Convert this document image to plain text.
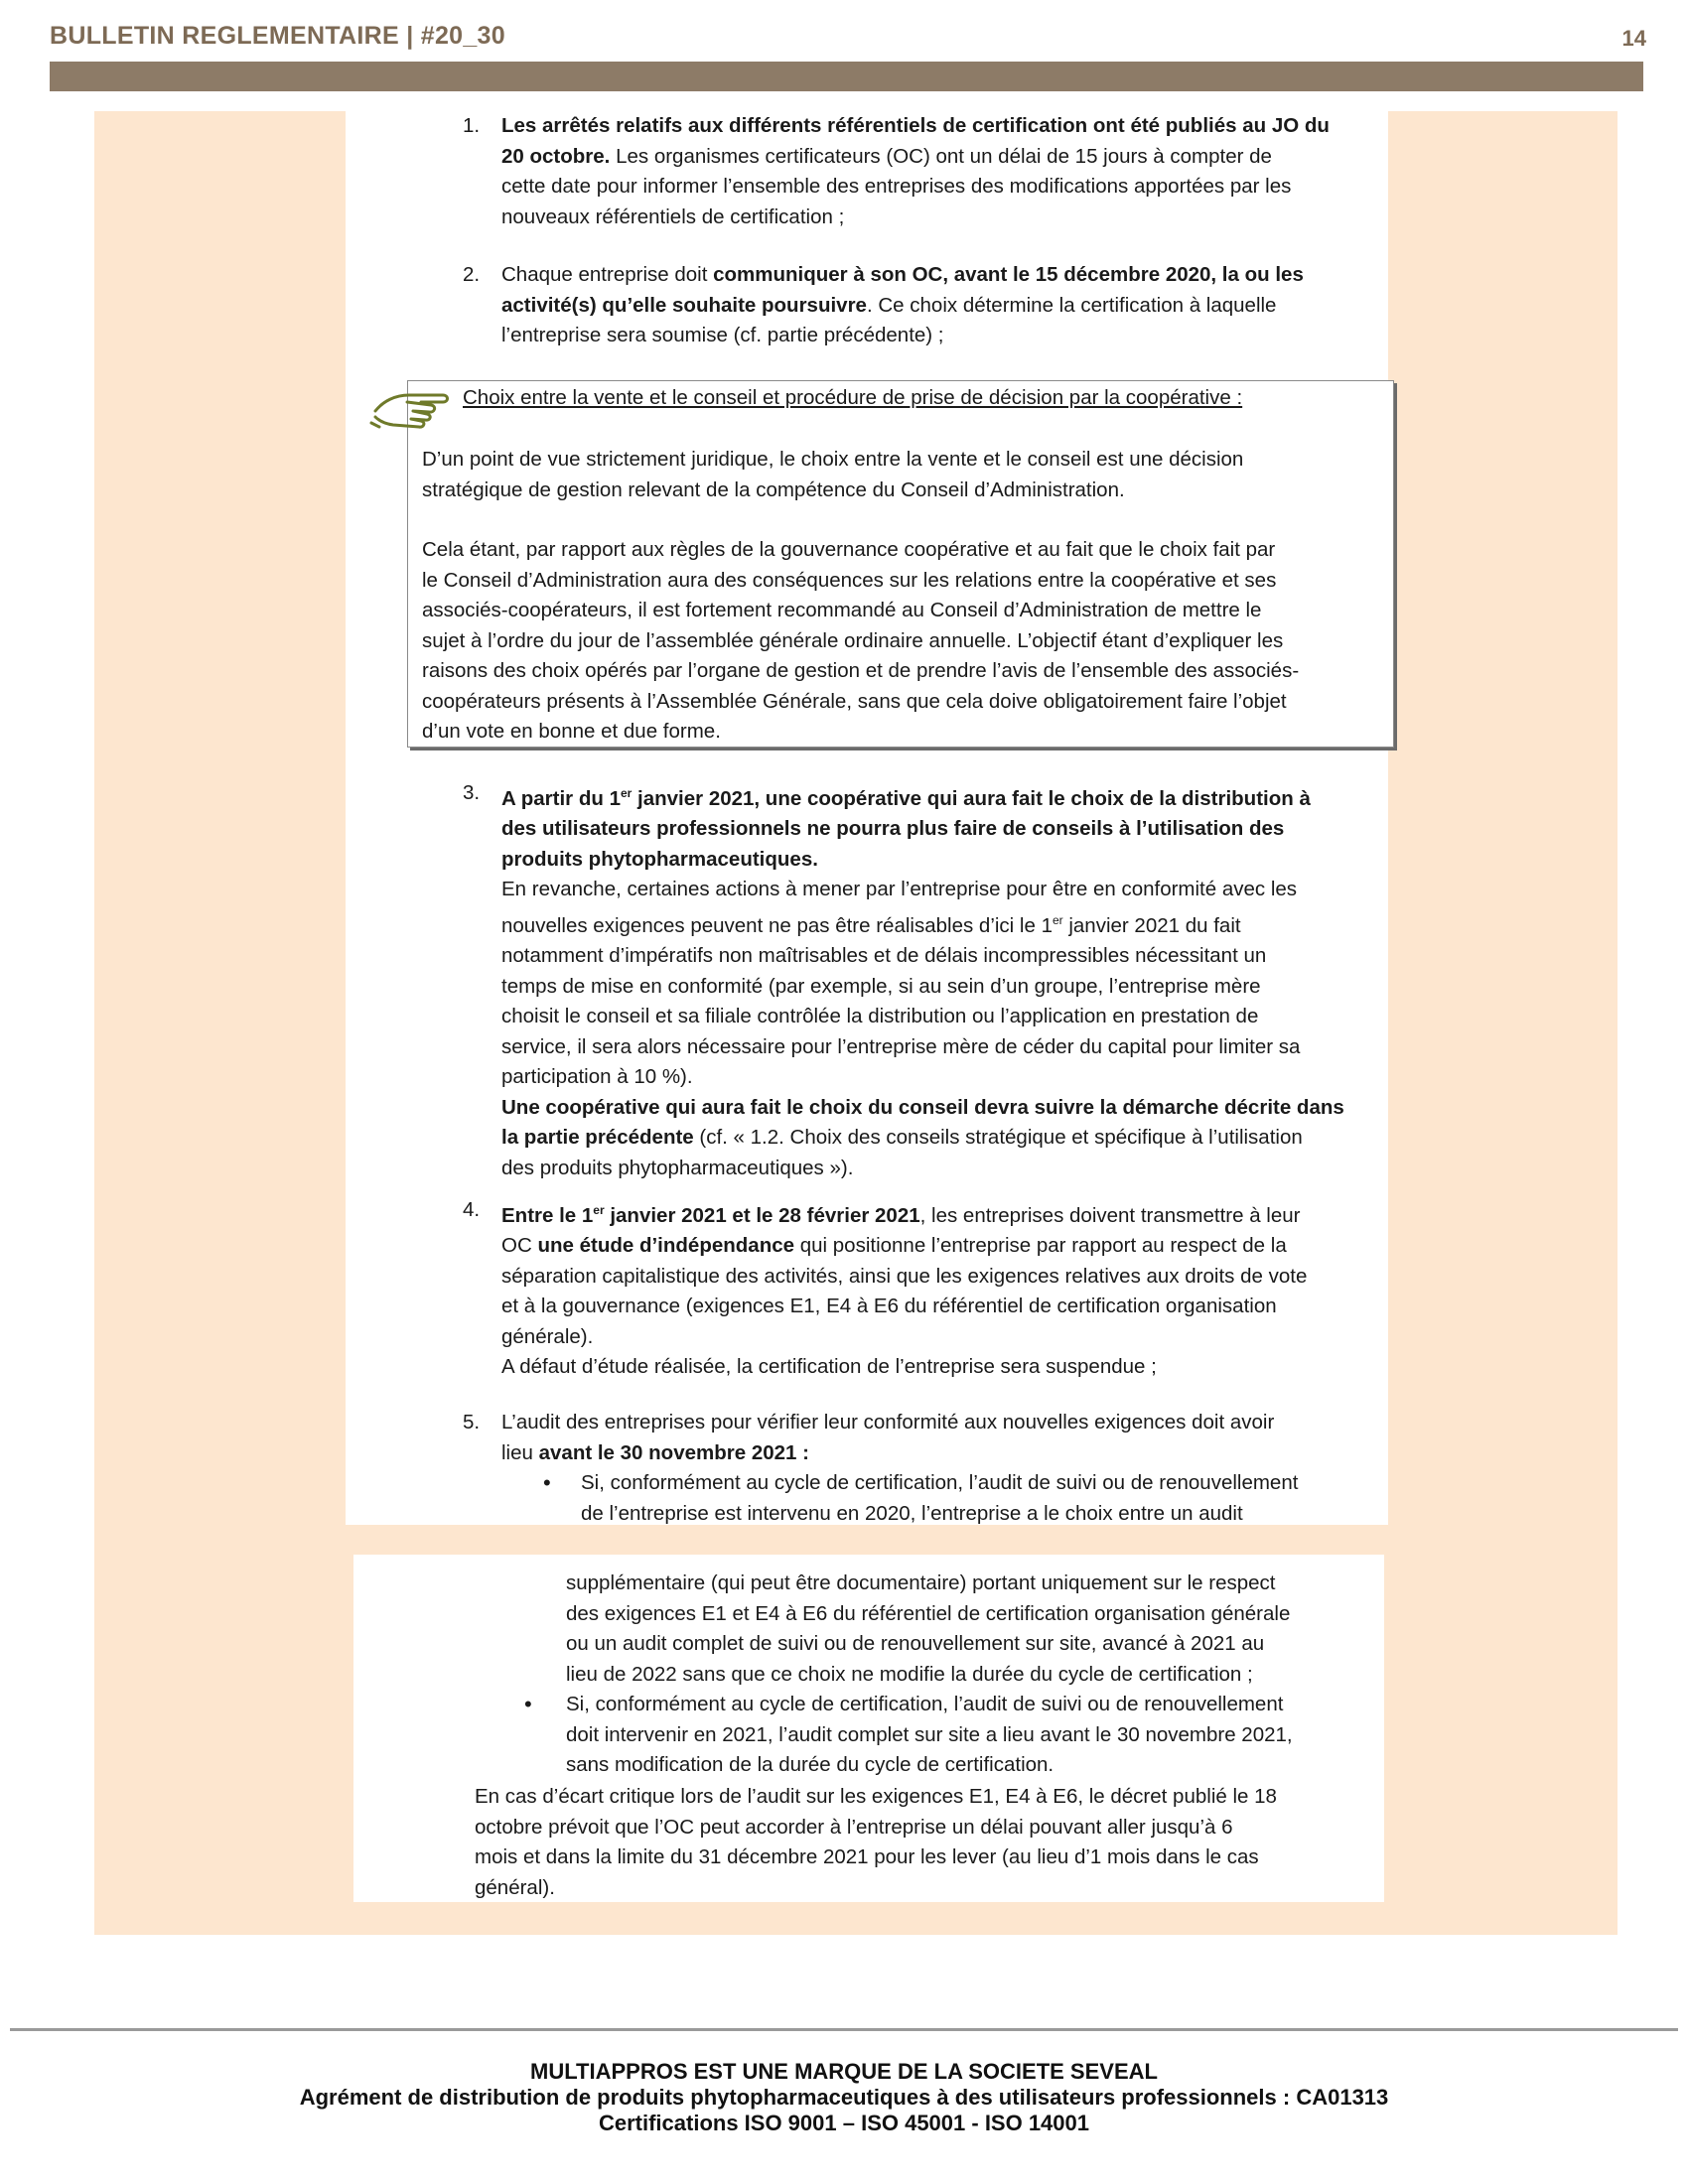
BULLETIN REGLEMENTAIRE | #20_30	14
1. Les arrêtés relatifs aux différents référentiels de certification ont été publiés au JO du
20 octobre. Les organismes certificateurs (OC) ont un délai de 15 jours à compter de
cette date pour informer l’ensemble des entreprises des modifications apportées par les
nouveaux référentiels de certification ;
2. Chaque entreprise doit communiquer à son OC, avant le 15 décembre 2020, la ou les
activité(s) qu’elle souhaite poursuivre. Ce choix détermine la certification à laquelle
l’entreprise sera soumise (cf. partie précédente) ;
Choix entre la vente et le conseil et procédure de prise de décision par la coopérative :
D’un point de vue strictement juridique, le choix entre la vente et le conseil est une décision
stratégique de gestion relevant de la compétence du Conseil d’Administration.
Cela étant, par rapport aux règles de la gouvernance coopérative et au fait que le choix fait par
le Conseil d’Administration aura des conséquences sur les relations entre la coopérative et ses
associés-coopérateurs, il est fortement recommandé au Conseil d’Administration de mettre le
sujet à l’ordre du jour de l’assemblée générale ordinaire annuelle. L’objectif étant d’expliquer les
raisons des choix opérés par l’organe de gestion et de prendre l’avis de l’ensemble des associés-
coopérateurs présents à l’Assemblée Générale, sans que cela doive obligatoirement faire l’objet
d’un vote en bonne et due forme.
3. A partir du 1er janvier 2021, une coopérative qui aura fait le choix de la distribution à
des utilisateurs professionnels ne pourra plus faire de conseils à l’utilisation des
produits phytopharmaceutiques.
En revanche, certaines actions à mener par l’entreprise pour être en conformité avec les
nouvelles exigences peuvent ne pas être réalisables d’ici le 1er janvier 2021 du fait
notamment d’impératifs non maîtrisables et de délais incompressibles nécessitant un
temps de mise en conformité (par exemple, si au sein d’un groupe, l’entreprise mère
choisit le conseil et sa filiale contrôlée la distribution ou l’application en prestation de
service, il sera alors nécessaire pour l’entreprise mère de céder du capital pour limiter sa
participation à 10 %).
Une coopérative qui aura fait le choix du conseil devra suivre la démarche décrite dans
la partie précédente (cf. « 1.2. Choix des conseils stratégique et spécifique à l’utilisation
des produits phytopharmaceutiques »).
4. Entre le 1er janvier 2021 et le 28 février 2021, les entreprises doivent transmettre à leur
OC une étude d’indépendance qui positionne l’entreprise par rapport au respect de la
séparation capitalistique des activités, ainsi que les exigences relatives aux droits de vote
et à la gouvernance (exigences E1, E4 à E6 du référentiel de certification organisation
générale).
A défaut d’étude réalisée, la certification de l’entreprise sera suspendue ;
5. L’audit des entreprises pour vérifier leur conformité aux nouvelles exigences doit avoir
lieu avant le 30 novembre 2021 :
• Si, conformément au cycle de certification, l’audit de suivi ou de renouvellement
de l’entreprise est intervenu en 2020, l’entreprise a le choix entre un audit
supplémentaire (qui peut être documentaire) portant uniquement sur le respect
des exigences E1 et E4 à E6 du référentiel de certification organisation générale
ou un audit complet de suivi ou de renouvellement sur site, avancé à 2021 au
lieu de 2022 sans que ce choix ne modifie la durée du cycle de certification ;
• Si, conformément au cycle de certification, l’audit de suivi ou de renouvellement
doit intervenir en 2021, l’audit complet sur site a lieu avant le 30 novembre 2021,
sans modification de la durée du cycle de certification.
En cas d’écart critique lors de l’audit sur les exigences E1, E4 à E6, le décret publié le 18
octobre prévoit que l’OC peut accorder à l’entreprise un délai pouvant aller jusqu’à 6
mois et dans la limite du 31 décembre 2021 pour les lever (au lieu d’1 mois dans le cas
général).
MULTIAPPROS EST UNE MARQUE DE LA SOCIETE SEVEAL
Agrément de distribution de produits phytopharmaceutiques à des utilisateurs professionnels : CA01313
Certifications ISO 9001 – ISO 45001 - ISO 14001
